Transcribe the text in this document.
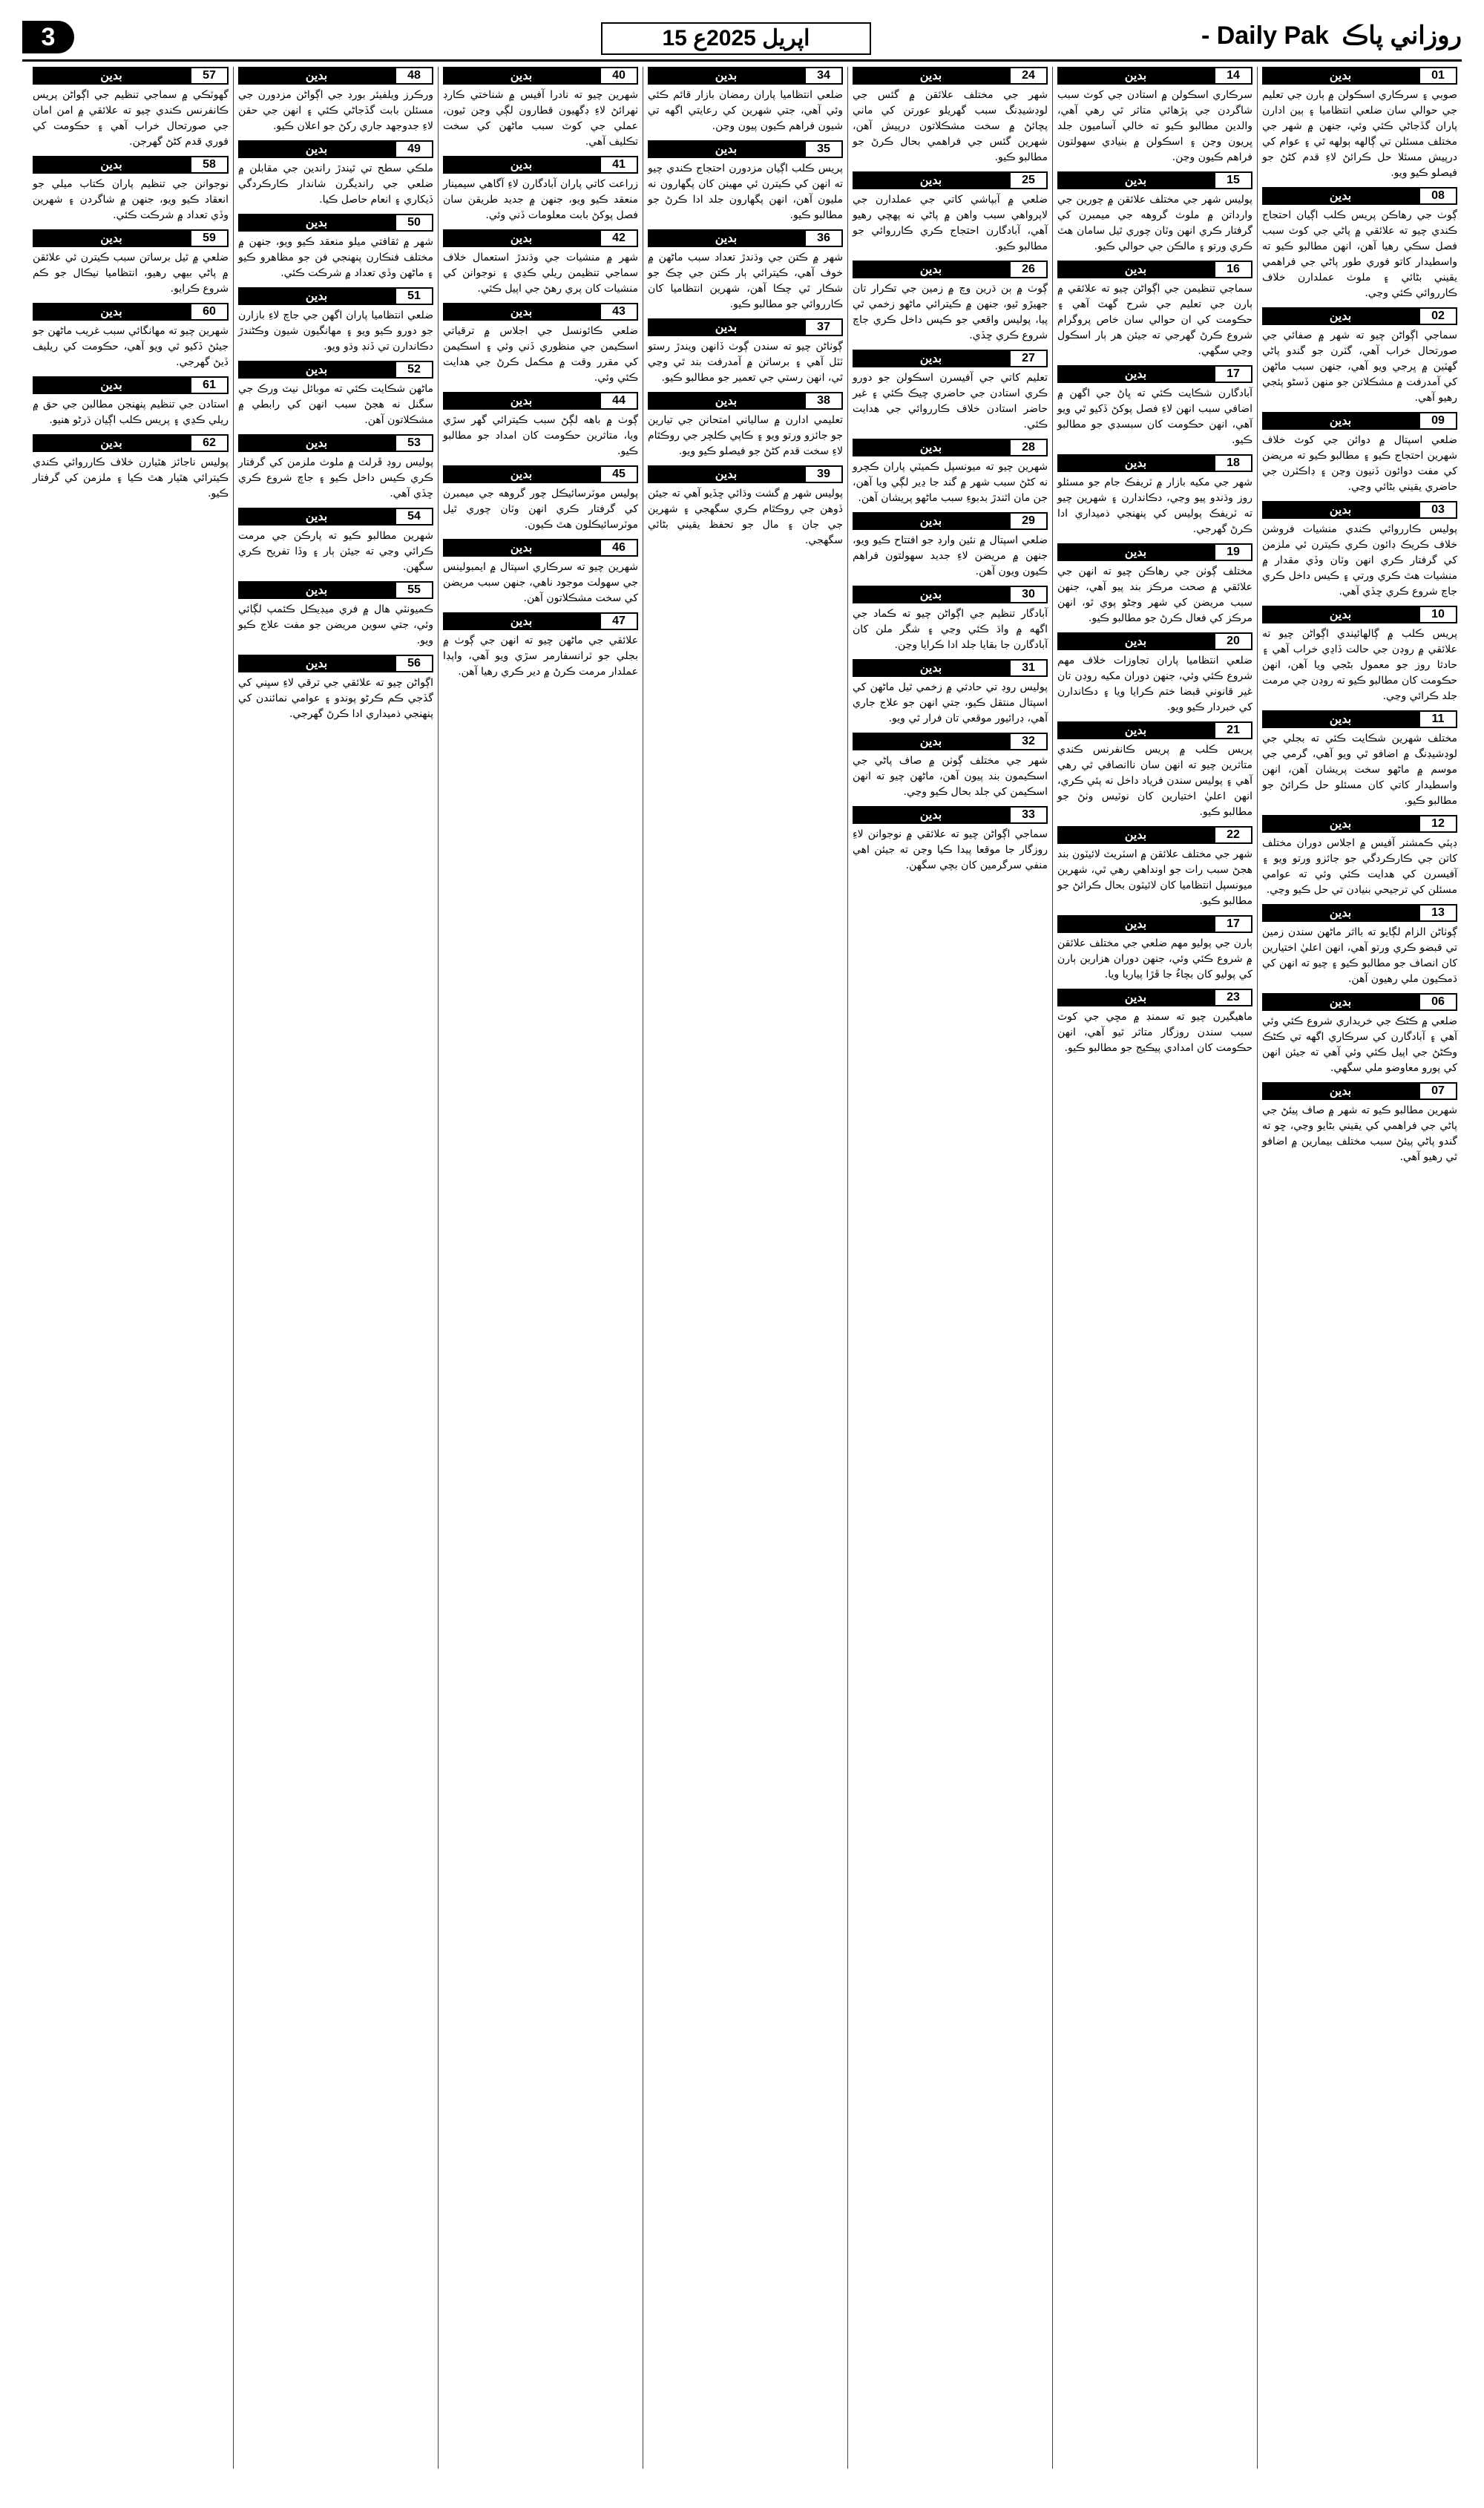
3	15 اپریل 2025ع	روزاني پاڪ Daily Pak -
01
بدين
صوبي ۽ سرڪاري اسڪولن ۾ ٻارن جي تعليم جي حوالي سان ضلعي انتظاميا ۽ ٻين ادارن پاران گڏجاڻي ڪئي وئي، جنهن ۾ شهر جي مختلف مسئلن تي ڳالهه ٻولهه ٿي ۽ عوام کي درپيش مسئلا حل ڪرائڻ لاءِ قدم کڻڻ جو فيصلو ڪيو ويو.
08
بدين
ڳوٺ جي رهاڪن پريس ڪلب اڳيان احتجاج ڪندي چيو ته علائقي ۾ پاڻي جي کوٽ سبب فصل سڪي رهيا آهن، انهن مطالبو ڪيو ته واسطيدار کاتو فوري طور پاڻي جي فراهمي يقيني بڻائي ۽ ملوث عملدارن خلاف ڪارروائي ڪئي وڃي.
02
بدين
سماجي اڳواڻن چيو ته شهر ۾ صفائي جي صورتحال خراب آهي، گٽرن جو گندو پاڻي گهٽين ۾ ڀرجي ويو آهي، جنهن سبب ماڻهن کي آمدرفت ۾ مشڪلاتن جو منهن ڏسڻو پئجي رهيو آهي.
09
بدين
ضلعي اسپتال ۾ دوائن جي کوٽ خلاف شهرين احتجاج ڪيو ۽ مطالبو ڪيو ته مريضن کي مفت دوائون ڏنيون وڃن ۽ ڊاڪٽرن جي حاضري يقيني بڻائي وڃي.
03
بدين
پوليس ڪارروائي ڪندي منشيات فروشن خلاف ڪريڪ ڊائون ڪري ڪيترن ئي ملزمن کي گرفتار ڪري انهن وٽان وڏي مقدار ۾ منشيات هٿ ڪري ورتي ۽ ڪيس داخل ڪري جاچ شروع ڪري ڇڏي آهي.
10
بدين
پريس ڪلب ۾ ڳالهائيندي اڳواڻن چيو ته علائقي ۾ روڊن جي حالت ڏاڍي خراب آهي ۽ حادثا روز جو معمول بڻجي ويا آهن، انهن حڪومت کان مطالبو ڪيو ته روڊن جي مرمت جلد ڪرائي وڃي.
11
بدين
مختلف شهرين شڪايت ڪئي ته بجلي جي لوڊشيڊنگ ۾ اضافو ٿي ويو آهي، گرمي جي موسم ۾ ماڻهو سخت پريشان آهن، انهن واسطيدار کاتي کان مسئلو حل ڪرائڻ جو مطالبو ڪيو.
12
بدين
ڊپٽي ڪمشنر آفيس ۾ اجلاس دوران مختلف کاتن جي ڪارڪردگي جو جائزو ورتو ويو ۽ آفيسرن کي هدايت ڪئي وئي ته عوامي مسئلن کي ترجيحي بنيادن تي حل ڪيو وڃي.
13
بدين
ڳوٺاڻن الزام لڳايو ته بااثر ماڻهن سندن زمين تي قبضو ڪري ورتو آهي، انهن اعليٰ اختيارين کان انصاف جو مطالبو ڪيو ۽ چيو ته انهن کي ڌمڪيون ملي رهيون آهن.
06
بدين
ضلعي ۾ ڪڻڪ جي خريداري شروع ڪئي وئي آهي ۽ آبادگارن کي سرڪاري اگهه تي ڪڻڪ وڪڻڻ جي اپيل ڪئي وئي آهي ته جيئن انهن کي پورو معاوضو ملي سگهي.
07
بدين
شهرين مطالبو ڪيو ته شهر ۾ صاف پيئڻ جي پاڻي جي فراهمي کي يقيني بڻايو وڃي، ڇو ته گندو پاڻي پيئڻ سبب مختلف بيمارين ۾ اضافو ٿي رهيو آهي.
14
بدين
سرڪاري اسڪولن ۾ استادن جي کوٽ سبب شاگردن جي پڙهائي متاثر ٿي رهي آهي، والدين مطالبو ڪيو ته خالي آساميون جلد ڀريون وڃن ۽ اسڪولن ۾ بنيادي سهولتون فراهم ڪيون وڃن.
15
بدين
پوليس شهر جي مختلف علائقن ۾ چورين جي وارداتن ۾ ملوث گروهه جي ميمبرن کي گرفتار ڪري انهن وٽان چوري ٿيل سامان هٿ ڪري ورتو ۽ مالڪن جي حوالي ڪيو.
16
بدين
سماجي تنظيمن جي اڳواڻن چيو ته علائقي ۾ ٻارن جي تعليم جي شرح گهٽ آهي ۽ حڪومت کي ان حوالي سان خاص پروگرام شروع ڪرڻ گهرجي ته جيئن هر ٻار اسڪول وڃي سگهي.
17
بدين
آبادگارن شڪايت ڪئي ته ڀاڻ جي اگهن ۾ اضافي سبب انهن لاءِ فصل پوکڻ ڏکيو ٿي ويو آهي، انهن حڪومت کان سبسڊي جو مطالبو ڪيو.
18
بدين
شهر جي مکيه بازار ۾ ٽريفڪ جام جو مسئلو روز وڌندو پيو وڃي، دڪاندارن ۽ شهرين چيو ته ٽريفڪ پوليس کي پنهنجي ذميداري ادا ڪرڻ گهرجي.
19
بدين
مختلف ڳوٺن جي رهاڪن چيو ته انهن جي علائقي ۾ صحت مرڪز بند پيو آهي، جنهن سبب مريضن کي شهر وڃڻو پوي ٿو، انهن مرڪز کي فعال ڪرڻ جو مطالبو ڪيو.
20
بدين
ضلعي انتظاميا پاران تجاوزات خلاف مهم شروع ڪئي وئي، جنهن دوران مکيه روڊن تان غير قانوني قبضا ختم ڪرايا ويا ۽ دڪاندارن کي خبردار ڪيو ويو.
21
بدين
پريس ڪلب ۾ پريس ڪانفرنس ڪندي متاثرين چيو ته انهن سان ناانصافي ٿي رهي آهي ۽ پوليس سندن فرياد داخل نه پئي ڪري، انهن اعليٰ اختيارين کان نوٽيس وٺڻ جو مطالبو ڪيو.
22
بدين
شهر جي مختلف علائقن ۾ اسٽريٽ لائيٽون بند هجڻ سبب رات جو اونداهي رهي ٿي، شهرين ميونسپل انتظاميا کان لائيٽون بحال ڪرائڻ جو مطالبو ڪيو.
17
بدين
ٻارن جي پوليو مهم ضلعي جي مختلف علائقن ۾ شروع ڪئي وئي، جنهن دوران هزارين ٻارن کي پوليو کان بچاءُ جا ڦڙا پياريا ويا.
23
بدين
ماهيگيرن چيو ته سمنڊ ۾ مڇي جي کوٽ سبب سندن روزگار متاثر ٿيو آهي، انهن حڪومت کان امدادي پيڪيج جو مطالبو ڪيو.
24
بدين
شهر جي مختلف علائقن ۾ گئس جي لوڊشيڊنگ سبب گهريلو عورتن کي ماني پچائڻ ۾ سخت مشڪلاتون درپيش آهن، شهرين گئس جي فراهمي بحال ڪرڻ جو مطالبو ڪيو.
25
بدين
ضلعي ۾ آبپاشي کاتي جي عملدارن جي لاپرواهي سبب واهن ۾ پاڻي نه پهچي رهيو آهي، آبادگارن احتجاج ڪري ڪارروائي جو مطالبو ڪيو.
26
بدين
ڳوٺ ۾ ٻن ڌرين وچ ۾ زمين جي تڪرار تان جهيڙو ٿيو، جنهن ۾ ڪيترائي ماڻهو زخمي ٿي پيا، پوليس واقعي جو ڪيس داخل ڪري جاچ شروع ڪري ڇڏي.
27
بدين
تعليم کاتي جي آفيسرن اسڪولن جو دورو ڪري استادن جي حاضري چيڪ ڪئي ۽ غير حاضر استادن خلاف ڪارروائي جي هدايت ڪئي.
28
بدين
شهرين چيو ته ميونسپل ڪميٽي پاران ڪچرو نه کڻڻ سبب شهر ۾ گند جا ڍير لڳي ويا آهن، جن مان اٿندڙ بدبوءِ سبب ماڻهو پريشان آهن.
29
بدين
ضلعي اسپتال ۾ نئين وارڊ جو افتتاح ڪيو ويو، جنهن ۾ مريضن لاءِ جديد سهولتون فراهم ڪيون ويون آهن.
30
بدين
آبادگار تنظيم جي اڳواڻن چيو ته ڪماد جي اگهه ۾ واڌ ڪئي وڃي ۽ شگر ملن کان آبادگارن جا بقايا جلد ادا ڪرايا وڃن.
31
بدين
پوليس روڊ تي حادثي ۾ زخمي ٿيل ماڻهن کي اسپتال منتقل ڪيو، جتي انهن جو علاج جاري آهي، ڊرائيور موقعي تان فرار ٿي ويو.
32
بدين
شهر جي مختلف ڳوٺن ۾ صاف پاڻي جي اسڪيمون بند پيون آهن، ماڻهن چيو ته انهن اسڪيمن کي جلد بحال ڪيو وڃي.
33
بدين
سماجي اڳواڻن چيو ته علائقي ۾ نوجوانن لاءِ روزگار جا موقعا پيدا ڪيا وڃن ته جيئن اهي منفي سرگرمين کان بچي سگهن.
34
بدين
ضلعي انتظاميا پاران رمضان بازار قائم ڪئي وئي آهي، جتي شهرين کي رعايتي اگهه تي شيون فراهم ڪيون پيون وڃن.
35
بدين
پريس ڪلب اڳيان مزدورن احتجاج ڪندي چيو ته انهن کي ڪيترن ئي مهينن کان پگهارون نه مليون آهن، انهن پگهارون جلد ادا ڪرڻ جو مطالبو ڪيو.
36
بدين
شهر ۾ ڪتن جي وڌندڙ تعداد سبب ماڻهن ۾ خوف آهي، ڪيترائي ٻار ڪتن جي چڪ جو شڪار ٿي چڪا آهن، شهرين انتظاميا کان ڪارروائي جو مطالبو ڪيو.
37
بدين
ڳوٺاڻن چيو ته سندن ڳوٺ ڏانهن ويندڙ رستو ٽٽل آهي ۽ برساتن ۾ آمدرفت بند ٿي وڃي ٿي، انهن رستي جي تعمير جو مطالبو ڪيو.
38
بدين
تعليمي ادارن ۾ سالياني امتحانن جي تيارين جو جائزو ورتو ويو ۽ ڪاپي ڪلچر جي روڪٿام لاءِ سخت قدم کڻڻ جو فيصلو ڪيو ويو.
39
بدين
پوليس شهر ۾ گشت وڌائي ڇڏيو آهي ته جيئن ڏوهن جي روڪٿام ڪري سگهجي ۽ شهرين جي جان ۽ مال جو تحفظ يقيني بڻائي سگهجي.
40
بدين
شهرين چيو ته نادرا آفيس ۾ شناختي ڪارڊ ٺهرائڻ لاءِ ڊگهيون قطارون لڳي وڃن ٿيون، عملي جي کوٽ سبب ماڻهن کي سخت تڪليف آهي.
41
بدين
زراعت کاتي پاران آبادگارن لاءِ آگاهي سيمينار منعقد ڪيو ويو، جنهن ۾ جديد طريقن سان فصل پوکڻ بابت معلومات ڏني وئي.
42
بدين
شهر ۾ منشيات جي وڌندڙ استعمال خلاف سماجي تنظيمن ريلي ڪڍي ۽ نوجوانن کي منشيات کان پري رهڻ جي اپيل ڪئي.
43
بدين
ضلعي ڪائونسل جي اجلاس ۾ ترقياتي اسڪيمن جي منظوري ڏني وئي ۽ اسڪيمن کي مقرر وقت ۾ مڪمل ڪرڻ جي هدايت ڪئي وئي.
44
بدين
ڳوٺ ۾ باهه لڳڻ سبب ڪيترائي گهر سڙي ويا، متاثرين حڪومت کان امداد جو مطالبو ڪيو.
45
بدين
پوليس موٽرسائيڪل چور گروهه جي ميمبرن کي گرفتار ڪري انهن وٽان چوري ٿيل موٽرسائيڪلون هٿ ڪيون.
46
بدين
شهرين چيو ته سرڪاري اسپتال ۾ ايمبولينس جي سهولت موجود ناهي، جنهن سبب مريضن کي سخت مشڪلاتون آهن.
47
بدين
علائقي جي ماڻهن چيو ته انهن جي ڳوٺ ۾ بجلي جو ٽرانسفارمر سڙي ويو آهي، واپڊا عملدار مرمت ڪرڻ ۾ دير ڪري رهيا آهن.
48
بدين
ورڪرز ويلفيئر بورڊ جي اڳواڻن مزدورن جي مسئلن بابت گڏجاڻي ڪئي ۽ انهن جي حقن لاءِ جدوجهد جاري رکڻ جو اعلان ڪيو.
49
بدين
ملڪي سطح تي ٿيندڙ راندين جي مقابلن ۾ ضلعي جي رانديگرن شاندار ڪارڪردگي ڏيکاري ۽ انعام حاصل ڪيا.
50
بدين
شهر ۾ ثقافتي ميلو منعقد ڪيو ويو، جنهن ۾ مختلف فنڪارن پنهنجي فن جو مظاهرو ڪيو ۽ ماڻهن وڏي تعداد ۾ شرڪت ڪئي.
51
بدين
ضلعي انتظاميا پاران اگهن جي جاچ لاءِ بازارن جو دورو ڪيو ويو ۽ مهانگيون شيون وڪڻندڙ دڪاندارن تي ڏنڊ وڌو ويو.
52
بدين
ماڻهن شڪايت ڪئي ته موبائل نيٽ ورڪ جي سگنل نه هجڻ سبب انهن کي رابطي ۾ مشڪلاتون آهن.
53
بدين
پوليس روڊ ڦرلٽ ۾ ملوث ملزمن کي گرفتار ڪري ڪيس داخل ڪيو ۽ جاچ شروع ڪري ڇڏي آهي.
54
بدين
شهرين مطالبو ڪيو ته پارڪن جي مرمت ڪرائي وڃي ته جيئن ٻار ۽ وڏا تفريح ڪري سگهن.
55
بدين
ڪميونٽي هال ۾ فري ميڊيڪل ڪئمپ لڳائي وئي، جتي سوين مريضن جو مفت علاج ڪيو ويو.
56
بدين
اڳواڻن چيو ته علائقي جي ترقي لاءِ سڀني کي گڏجي ڪم ڪرڻو پوندو ۽ عوامي نمائندن کي پنهنجي ذميداري ادا ڪرڻ گهرجي.
57
بدين
گهوٽڪي ۾ سماجي تنظيم جي اڳواڻن پريس ڪانفرنس ڪندي چيو ته علائقي ۾ امن امان جي صورتحال خراب آهي ۽ حڪومت کي فوري قدم کڻڻ گهرجن.
58
بدين
نوجوانن جي تنظيم پاران ڪتاب ميلي جو انعقاد ڪيو ويو، جنهن ۾ شاگردن ۽ شهرين وڏي تعداد ۾ شرڪت ڪئي.
59
بدين
ضلعي ۾ ٿيل برساتن سبب ڪيترن ئي علائقن ۾ پاڻي بيهي رهيو، انتظاميا نيڪال جو ڪم شروع ڪرايو.
60
بدين
شهرين چيو ته مهانگائي سبب غريب ماڻهن جو جيئڻ ڏکيو ٿي ويو آهي، حڪومت کي ريليف ڏيڻ گهرجي.
61
بدين
استادن جي تنظيم پنهنجن مطالبن جي حق ۾ ريلي ڪڍي ۽ پريس ڪلب اڳيان ڌرڻو هنيو.
62
بدين
پوليس ناجائز هٿيارن خلاف ڪارروائي ڪندي ڪيترائي هٿيار هٿ ڪيا ۽ ملزمن کي گرفتار ڪيو.
